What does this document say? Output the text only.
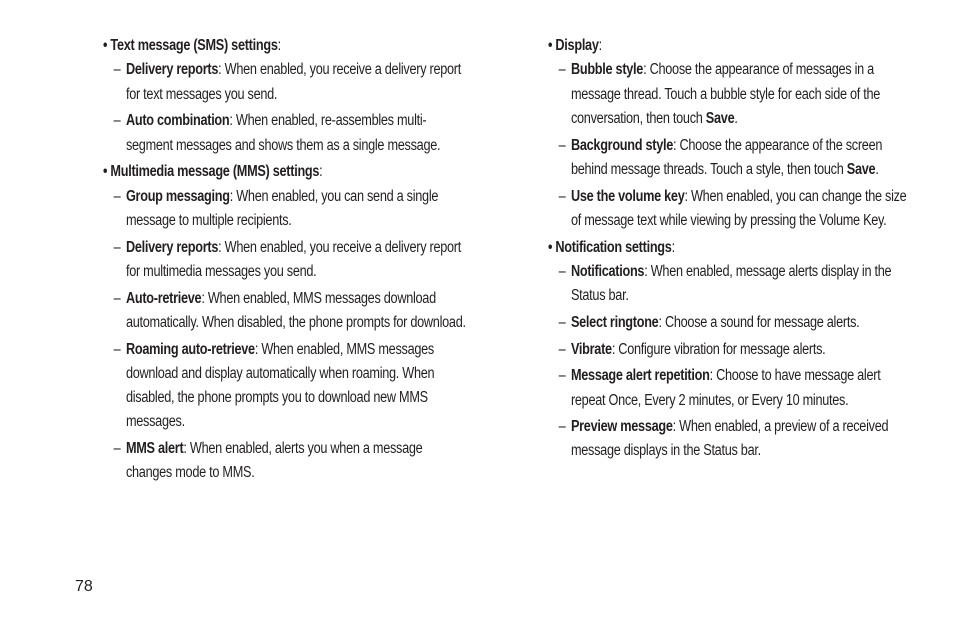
• Text message (SMS) settings:
– Delivery reports: When enabled, you receive a delivery report for text messages you send.
– Auto combination: When enabled, re-assembles multi-segment messages and shows them as a single message.
• Multimedia message (MMS) settings:
– Group messaging: When enabled, you can send a single message to multiple recipients.
– Delivery reports: When enabled, you receive a delivery report for multimedia messages you send.
– Auto-retrieve: When enabled, MMS messages download automatically. When disabled, the phone prompts for download.
– Roaming auto-retrieve: When enabled, MMS messages download and display automatically when roaming. When disabled, the phone prompts you to download new MMS messages.
– MMS alert: When enabled, alerts you when a message changes mode to MMS.
• Display:
– Bubble style: Choose the appearance of messages in a message thread. Touch a bubble style for each side of the conversation, then touch Save.
– Background style: Choose the appearance of the screen behind message threads. Touch a style, then touch Save.
– Use the volume key: When enabled, you can change the size of message text while viewing by pressing the Volume Key.
• Notification settings:
– Notifications: When enabled, message alerts display in the Status bar.
– Select ringtone: Choose a sound for message alerts.
– Vibrate: Configure vibration for message alerts.
– Message alert repetition: Choose to have message alert repeat Once, Every 2 minutes, or Every 10 minutes.
– Preview message: When enabled, a preview of a received message displays in the Status bar.
78
